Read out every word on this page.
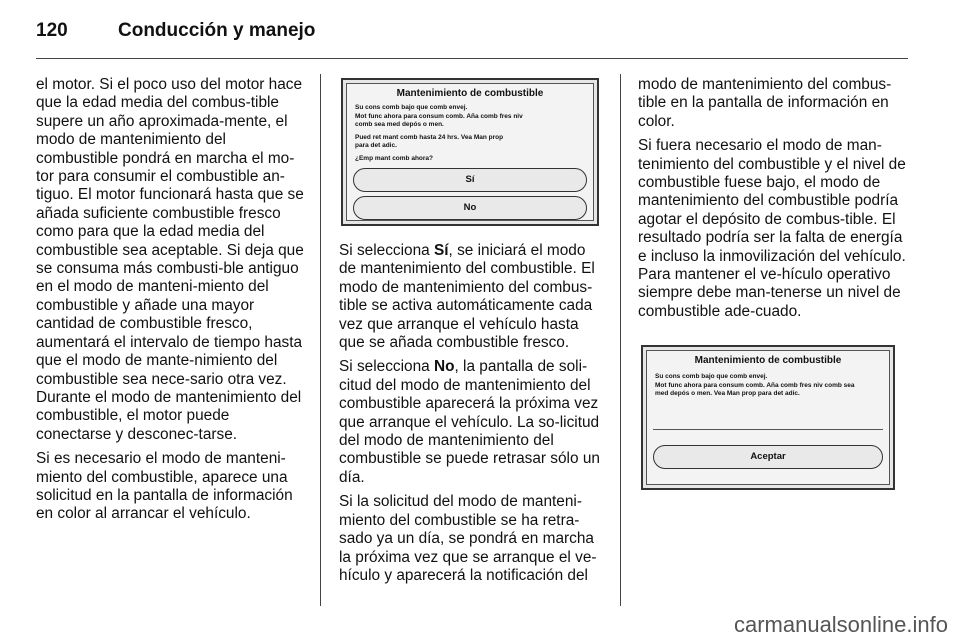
120	Conducción y manejo

el motor. Si el poco uso del motor hace que la edad media del combus-tible supere un año aproximada-mente, el modo de mantenimiento del combustible pondrá en marcha el mo-tor para consumir el combustible an-tiguo. El motor funcionará hasta que se añada suficiente combustible fresco como para que la edad media del combustible sea aceptable. Si deja que se consuma más combusti-ble antiguo en el modo de manteni-miento del combustible y añade una mayor cantidad de combustible fresco, aumentará el intervalo de tiempo hasta que el modo de mante-nimiento del combustible sea nece-sario otra vez. Durante el modo de mantenimiento del combustible, el motor puede conectarse y desconec-tarse.

Si es necesario el modo de manteni-miento del combustible, aparece una solicitud en la pantalla de información en color al arrancar el vehículo.

Mantenimiento de combustible
Su cons comb bajo que comb envej.
Mot func ahora para consum comb. Aña comb fres niv
comb sea med depós o men.
Pued ret mant comb hasta 24 hrs. Vea Man prop
para det adic.
¿Emp mant comb ahora?
Sí
No

Si selecciona Sí, se iniciará el modo de mantenimiento del combustible. El modo de mantenimiento del combus-tible se activa automáticamente cada vez que arranque el vehículo hasta que se añada combustible fresco.

Si selecciona No, la pantalla de soli-citud del modo de mantenimiento del combustible aparecerá la próxima vez que arranque el vehículo. La so-licitud del modo de mantenimiento del combustible se puede retrasar sólo un día.

Si la solicitud del modo de manteni-miento del combustible se ha retra-sado ya un día, se pondrá en marcha la próxima vez que se arranque el ve-hículo y aparecerá la notificación del

modo de mantenimiento del combus-tible en la pantalla de información en color.

Si fuera necesario el modo de man-tenimiento del combustible y el nivel de combustible fuese bajo, el modo de mantenimiento del combustible podría agotar el depósito de combus-tible. El resultado podría ser la falta de energía e incluso la inmovilización del vehículo. Para mantener el ve-hículo operativo siempre debe man-tenerse un nivel de combustible ade-cuado.

Mantenimiento de combustible
Su cons comb bajo que comb envej.
Mot func ahora para consum comb. Aña comb fres niv comb sea
med depós o men. Vea Man prop para det adic.
Aceptar
carmanualsonline.info
